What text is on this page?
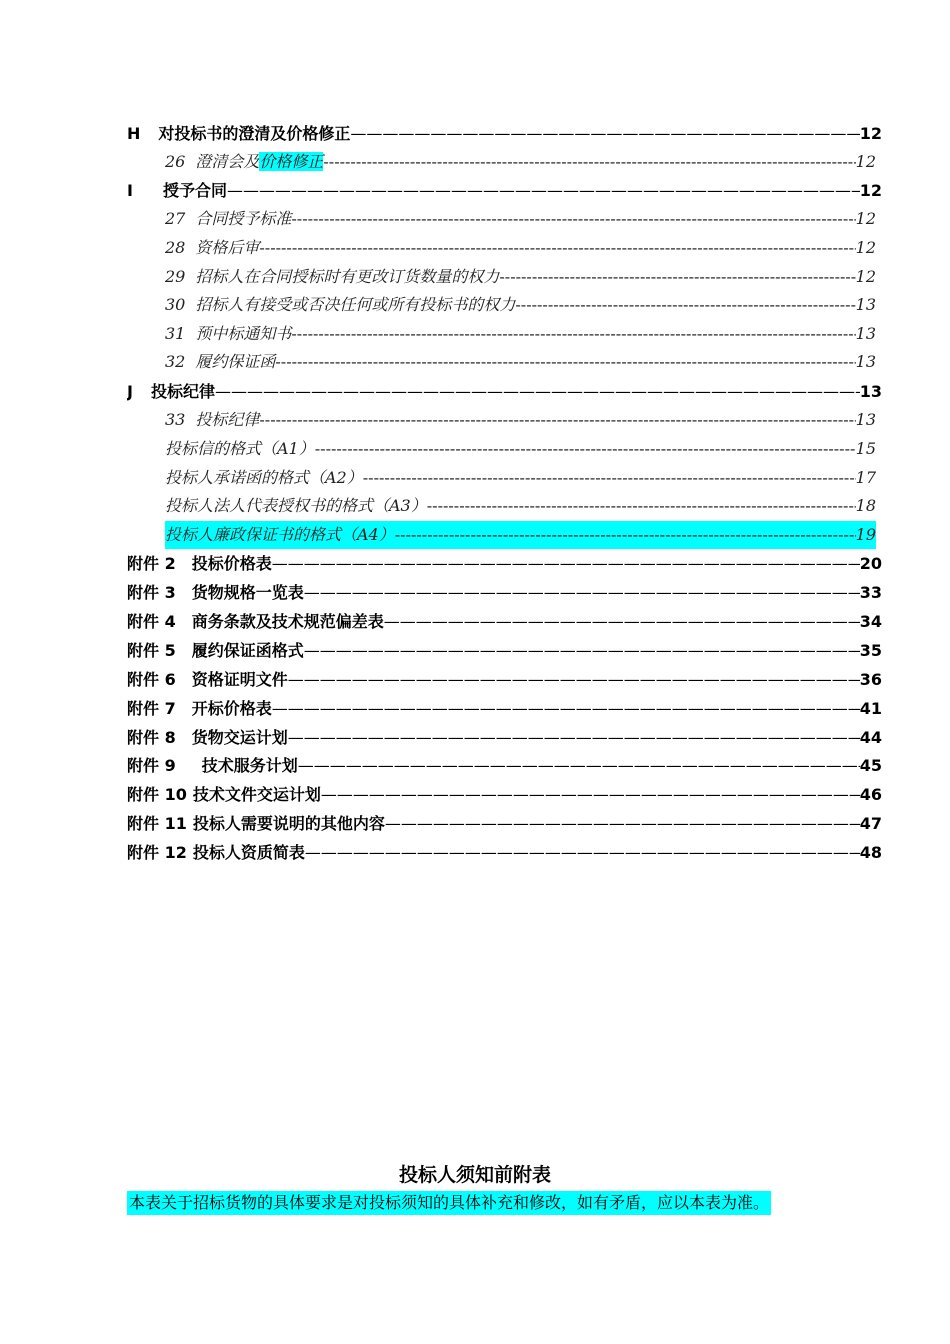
H 对投标书的澄清及价格修正 —————	12
26 澄清会及价格修正 -----	12
I 授予合同 —————	12
27 合同授予标准 -----	12
28 资格后审 -----	12
29 招标人在合同授标时有更改订货数量的权力 -----	12
30 招标人有接受或否决任何或所有投标书的权力 -----	13
31 预中标通知书 -----	13
32 履约保证函 -----	13
J 投标纪律 —————	13
33 投标纪律 -----	13
投标信的格式（A1） -----	15
投标人承诺函的格式（A2） -----	17
投标人法人代表授权书的格式（A3） -----	18
投标人廉政保证书的格式（A4） -----	19
附件 2 投标价格表 —————	20
附件 3 货物规格一览表 —————	33
附件 4 商务条款及技术规范偏差表 —————	34
附件 5 履约保证函格式 —————	35
附件 6 资格证明文件 —————	36
附件 7 开标价格表 —————	41
附件 8 货物交运计划 —————	44
附件 9 技术服务计划 —————	45
附件 10 技术文件交运计划 —————	46
附件 11 投标人需要说明的其他内容 —————	47
附件 12 投标人资质简表 —————	48
投标人须知前附表
本表关于招标货物的具体要求是对投标须知的具体补充和修改，如有矛盾，应以本表为准。
